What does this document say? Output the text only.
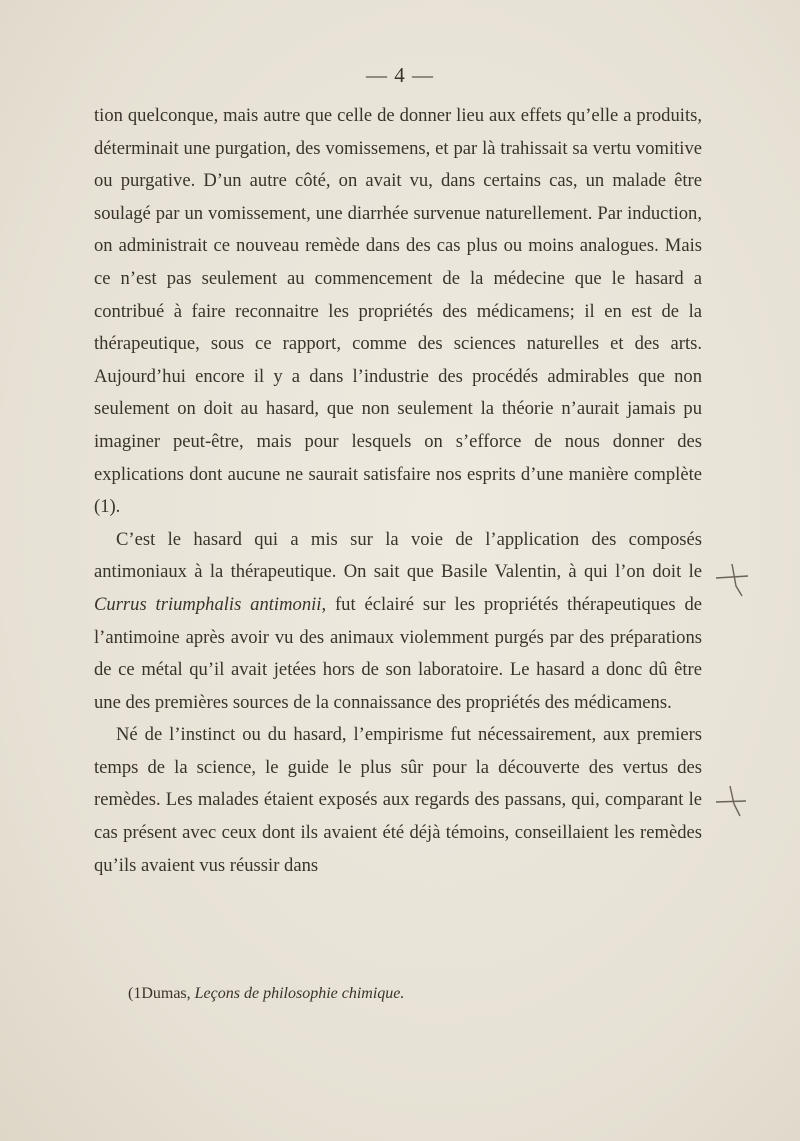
— 4 —

tion quelconque, mais autre que celle de donner lieu aux effets qu’elle a produits, déterminait une purgation, des vomissemens, et par là trahissait sa vertu vomitive ou purgative. D’un autre côté, on avait vu, dans certains cas, un malade être soulagé par un vomissement, une diarrhée survenue naturellement. Par induction, on administrait ce nouveau remède dans des cas plus ou moins analogues. Mais ce n’est pas seulement au commencement de la médecine que le hasard a contribué à faire reconnaitre les propriétés des médicamens; il en est de la thérapeutique, sous ce rapport, comme des sciences naturelles et des arts. Aujourd’hui encore il y a dans l’industrie des procédés admirables que non seulement on doit au hasard, que non seulement la théorie n’aurait jamais pu imaginer peut-être, mais pour lesquels on s’efforce de nous donner des explications dont aucune ne saurait satisfaire nos esprits d’une manière complète (1).

C’est le hasard qui a mis sur la voie de l’application des composés antimoniaux à la thérapeutique. On sait que Basile Valentin, à qui l’on doit le Currus triumphalis antimonii, fut éclairé sur les propriétés thérapeutiques de l’antimoine après avoir vu des animaux violemment purgés par des préparations de ce métal qu’il avait jetées hors de son laboratoire. Le hasard a donc dû être une des premières sources de la connaissance des propriétés des médicamens.

Né de l’instinct ou du hasard, l’empirisme fut nécessairement, aux premiers temps de la science, le guide le plus sûr pour la découverte des vertus des remèdes. Les malades étaient exposés aux regards des passans, qui, comparant le cas présent avec ceux dont ils avaient été déjà témoins, conseillaient les remèdes qu’ils avaient vus réussir dans

(1Dumas, Leçons de philosophie chimique.
